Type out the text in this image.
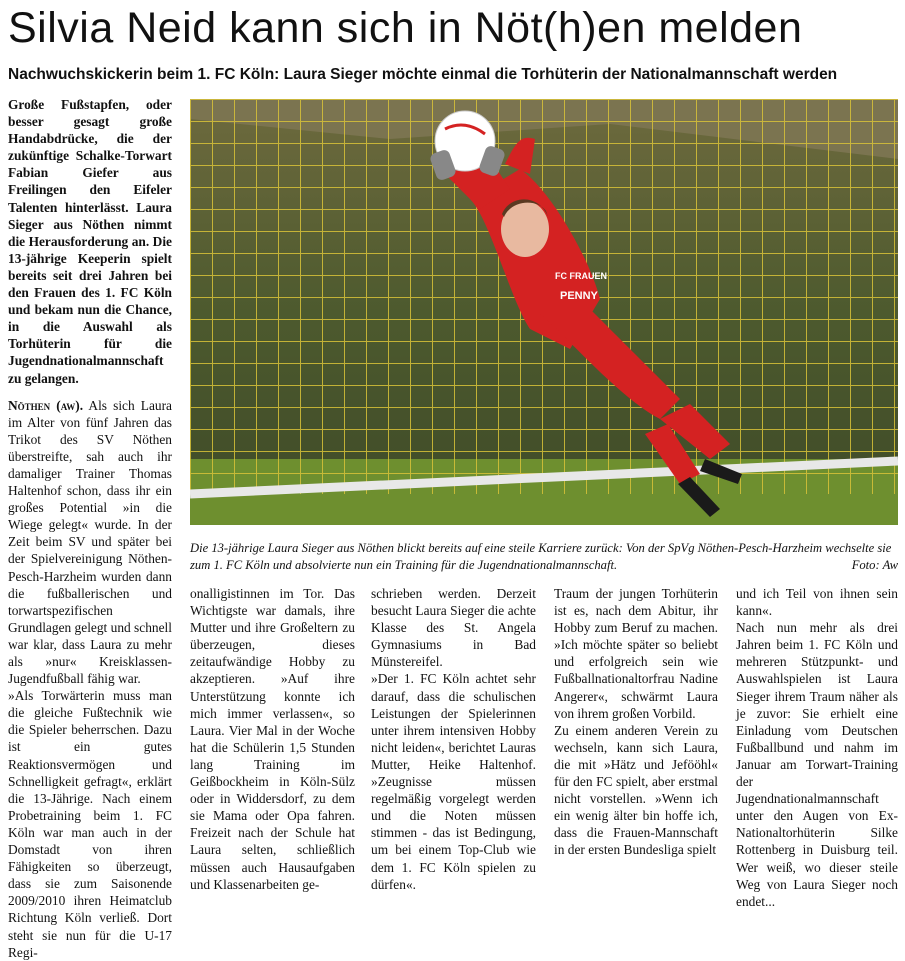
Silvia Neid kann sich in Nöt(h)en melden
Nachwuchskickerin beim 1. FC Köln: Laura Sieger möchte einmal die Torhüterin der Nationalmannschaft werden

Große Fußstapfen, oder besser gesagt große Handabdrücke, die der zukünftige Schalke-Torwart Fabian Giefer aus Freilingen den Eifeler Talenten hinterlässt. Laura Sieger aus Nöthen nimmt die Herausforderung an. Die 13-jährige Keeperin spielt bereits seit drei Jahren bei den Frauen des 1. FC Köln und bekam nun die Chance, in die Auswahl als Torhüterin für die Jugendnationalmannschaft zu gelangen.

Nöthen (aw). Als sich Laura im Alter von fünf Jahren das Trikot des SV Nöthen überstreifte, sah auch ihr damaliger Trainer Thomas Haltenhof schon, dass ihr ein großes Potential »in die Wiege gelegt« wurde. In der Zeit beim SV und später bei der Spielvereinigung Nöthen-Pesch-Harzheim wurden dann die fußballerischen und torwartspezifischen Grundlagen gelegt und schnell war klar, dass Laura zu mehr als »nur« Kreisklassen-Jugendfußball fähig war.

»Als Torwärterin muss man die gleiche Fußtechnik wie die Spieler beherrschen. Dazu ist ein gutes Reaktionsvermögen und Schnelligkeit gefragt«, erklärt die 13-Jährige. Nach einem Probetraining beim 1. FC Köln war man auch in der Domstadt von ihren Fähigkeiten so überzeugt, dass sie zum Saisonende 2009/2010 ihren Heimatclub Richtung Köln verließ. Dort steht sie nun für die U-17 Regi-

FC FRAUEN
PENNY
Die 13-jährige Laura Sieger aus Nöthen blickt bereits auf eine steile Karriere zurück: Von der SpVg Nöthen-Pesch-Harzheim wechselte sie zum 1. FC Köln und absolvierte nun ein Training für die Jugendnationalmannschaft.	Foto: Aw

onalligistinnen im Tor. Das Wichtigste war damals, ihre Mutter und ihre Großeltern zu überzeugen, dieses zeitaufwändige Hobby zu akzeptieren. »Auf ihre Unterstützung konnte ich mich immer verlassen«, so Laura. Vier Mal in der Woche hat die Schülerin 1,5 Stunden lang Training im Geißbockheim in Köln-Sülz oder in Widdersdorf, zu dem sie Mama oder Opa fahren. Freizeit nach der Schule hat Laura selten, schließlich müssen auch Hausaufgaben und Klassenarbeiten ge-

schrieben werden. Derzeit besucht Laura Sieger die achte Klasse des St. Angela Gymnasiums in Bad Münstereifel.

»Der 1. FC Köln achtet sehr darauf, dass die schulischen Leistungen der Spielerinnen unter ihrem intensiven Hobby nicht leiden«, berichtet Lauras Mutter, Heike Haltenhof. »Zeugnisse müssen regelmäßig vorgelegt werden und die Noten müssen stimmen - das ist Bedingung, um bei einem Top-Club wie dem 1. FC Köln spielen zu dürfen«.

Traum der jungen Torhüterin ist es, nach dem Abitur, ihr Hobby zum Beruf zu machen. »Ich möchte später so beliebt und erfolgreich sein wie Fußballnationaltorfrau Nadine Angerer«, schwärmt Laura von ihrem großen Vorbild.

Zu einem anderen Verein zu wechseln, kann sich Laura, die mit »Hätz und Jefööhl« für den FC spielt, aber erstmal nicht vorstellen. »Wenn ich ein wenig älter bin hoffe ich, dass die Frauen-Mannschaft in der ersten Bundesliga spielt

und ich Teil von ihnen sein kann«.

Nach nun mehr als drei Jahren beim 1. FC Köln und mehreren Stützpunkt- und Auswahlspielen ist Laura Sieger ihrem Traum näher als je zuvor: Sie erhielt eine Einladung vom Deutschen Fußballbund und nahm im Januar am Torwart-Training der Jugendnationalmannschaft unter den Augen von Ex-Nationaltorhüterin Silke Rottenberg in Duisburg teil. Wer weiß, wo dieser steile Weg von Laura Sieger noch endet...
